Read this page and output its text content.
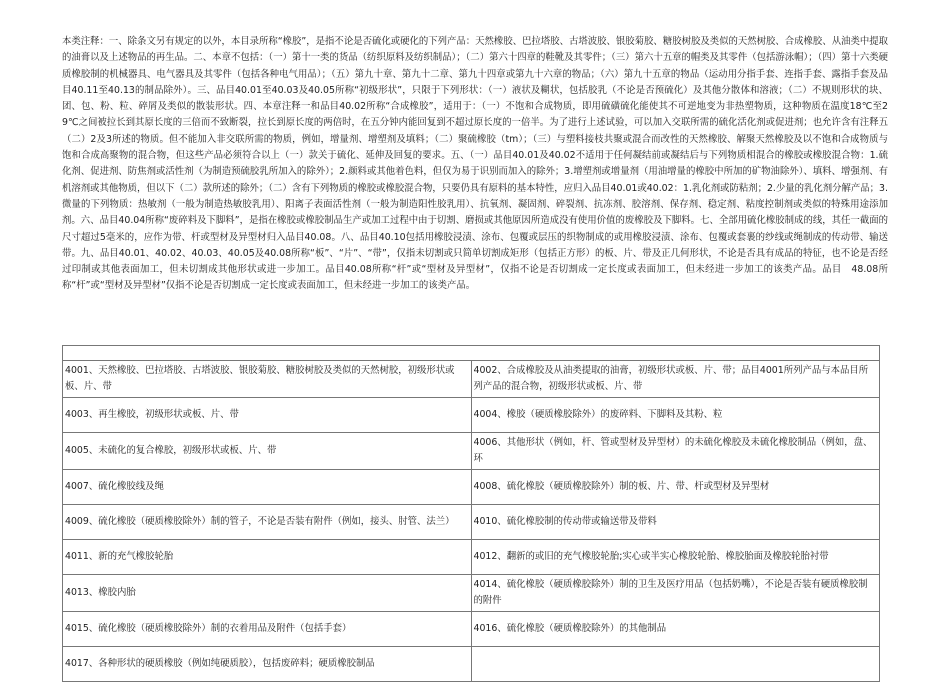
本类注释：一、除条文另有规定的以外，本目录所称“橡胶”，是指不论是否硫化或硬化的下列产品：天然橡胶、巴拉塔胶、古塔波胶、银胶菊胶、糖胶树胶及类似的天然树胶、合成橡胶、从油类中提取的油膏以及上述物品的再生品。二、本章不包括：（一）第十一类的货品（纺织原料及纺织制品）；（二）第六十四章的鞋靴及其零件；（三）第六十五章的帽类及其零件（包括游泳帽）；（四）第十六类硬质橡胶制的机械器具、电气器具及其零件（包括各种电气用品）；（五）第九十章、第九十二章、第九十四章或第九十六章的物品；（六）第九十五章的物品（运动用分指手套、连指手套、露指手套及品目40.11至40.13的制品除外）。三、品目40.01至40.03及40.05所称“初级形状”，只限于下列形状：（一）液状及糊状，包括胶乳（不论是否预硫化）及其他分散体和溶液；（二）不规则形状的块、团、包、粉、粒、碎屑及类似的散装形状。四、本章注释一和品目40.02所称“合成橡胶”，适用于：（一）不饱和合成物质，即用硫磺硫化能使其不可逆地变为非热塑物质，这种物质在温度18℃至29℃之间被拉长到其原长度的三倍而不致断裂，拉长到原长度的两倍时，在五分钟内能回复到不超过原长度的一倍半。为了进行上述试验，可以加入交联所需的硫化活化剂或促进剂；也允许含有注释五（二）2及3所述的物质。但不能加入非交联所需的物质，例如，增量剂、增塑剂及填料；（二）聚硫橡胶（tm）；（三）与塑料接枝共聚或混合而改性的天然橡胶、解聚天然橡胶及以不饱和合成物质与饱和合成高聚物的混合物，但这些产品必须符合以上（一）款关于硫化、延伸及回复的要求。五、（一）品目40.01及40.02不适用于任何凝结前或凝结后与下列物质相混合的橡胶或橡胶混合物：1.硫化剂、促进剂、防焦剂或活性剂（为制造预硫胶乳所加入的除外）；2.颜料或其他着色料，但仅为易于识别而加入的除外；3.增塑剂或增量剂（用油增量的橡胶中所加的矿物油除外）、填料、增强剂、有机溶剂或其他物质，但以下（二）款所述的除外；（二）含有下列物质的橡胶或橡胶混合物，只要仍具有原料的基本特性，应归入品目40.01或40.02：1.乳化剂或防粘剂；2.少量的乳化剂分解产品；3.微量的下列物质：热敏剂（一般为制造热敏胶乳用）、阳离子表面活性剂（一般为制造阳性胶乳用）、抗氧剂、凝固剂、碎裂剂、抗冻剂、胶溶剂、保存剂、稳定剂、粘度控制剂或类似的特殊用途添加剂。六、品目40.04所称“废碎料及下脚料”，是指在橡胶或橡胶制品生产或加工过程中由于切割、磨损或其他原因所造成没有使用价值的废橡胶及下脚料。七、全部用硫化橡胶制成的线，其任一截面的尺寸超过5毫米的，应作为带、杆或型材及异型材归入品目40.08。八、品目40.10包括用橡胶浸渍、涂布、包覆或层压的织物制成的或用橡胶浸渍、涂布、包覆或套裹的纱线或绳制成的传动带、输送带。九、品目40.01、40.02、40.03、40.05及40.08所称“板”、“片”、“带”，仅指未切割或只简单切割成矩形（包括正方形）的板、片、带及正几何形状，不论是否具有成品的特征，也不论是否经过印制或其他表面加工，但未切割成其他形状或进一步加工。品目40.08所称“杆”或“型材及异型材”，仅指不论是否切割成一定长度或表面加工，但未经进一步加工的该类产品。品目　48.08所称“杆”或“型材及异型材”仅指不论是否切割成一定长度或表面加工，但未经进一步加工的该类产品。

4001、天然橡胶、巴拉塔胶、古塔波胶、银胶菊胶、糖胶树胶及类似的天然树胶，初级形状或板、片、带	4002、合成橡胶及从油类提取的油膏，初级形状或板、片、带；品目4001所列产品与本品目所列产品的混合物，初级形状或板、片、带
4003、再生橡胶，初级形状或板、片、带	4004、橡胶（硬质橡胶除外）的废碎料、下脚料及其粉、粒
4005、未硫化的复合橡胶，初级形状或板、片、带	4006、其他形状（例如，杆、管或型材及异型材）的未硫化橡胶及未硫化橡胶制品（例如，盘、环
4007、硫化橡胶线及绳	4008、硫化橡胶（硬质橡胶除外）制的板、片、带、杆或型材及异型材
4009、硫化橡胶（硬质橡胶除外）制的管子，不论是否装有附件（例如，接头、肘管、法兰）	4010、硫化橡胶制的传动带或输送带及带料
4011、新的充气橡胶轮胎	4012、翻新的或旧的充气橡胶轮胎;实心或半实心橡胶轮胎、橡胶胎面及橡胶轮胎衬带
4013、橡胶内胎	4014、硫化橡胶（硬质橡胶除外）制的卫生及医疗用品（包括奶嘴），不论是否装有硬质橡胶制的附件
4015、硫化橡胶（硬质橡胶除外）制的衣着用品及附件（包括手套）	4016、硫化橡胶（硬质橡胶除外）的其他制品
4017、各种形状的硬质橡胶（例如纯硬质胶），包括废碎料；硬质橡胶制品	
